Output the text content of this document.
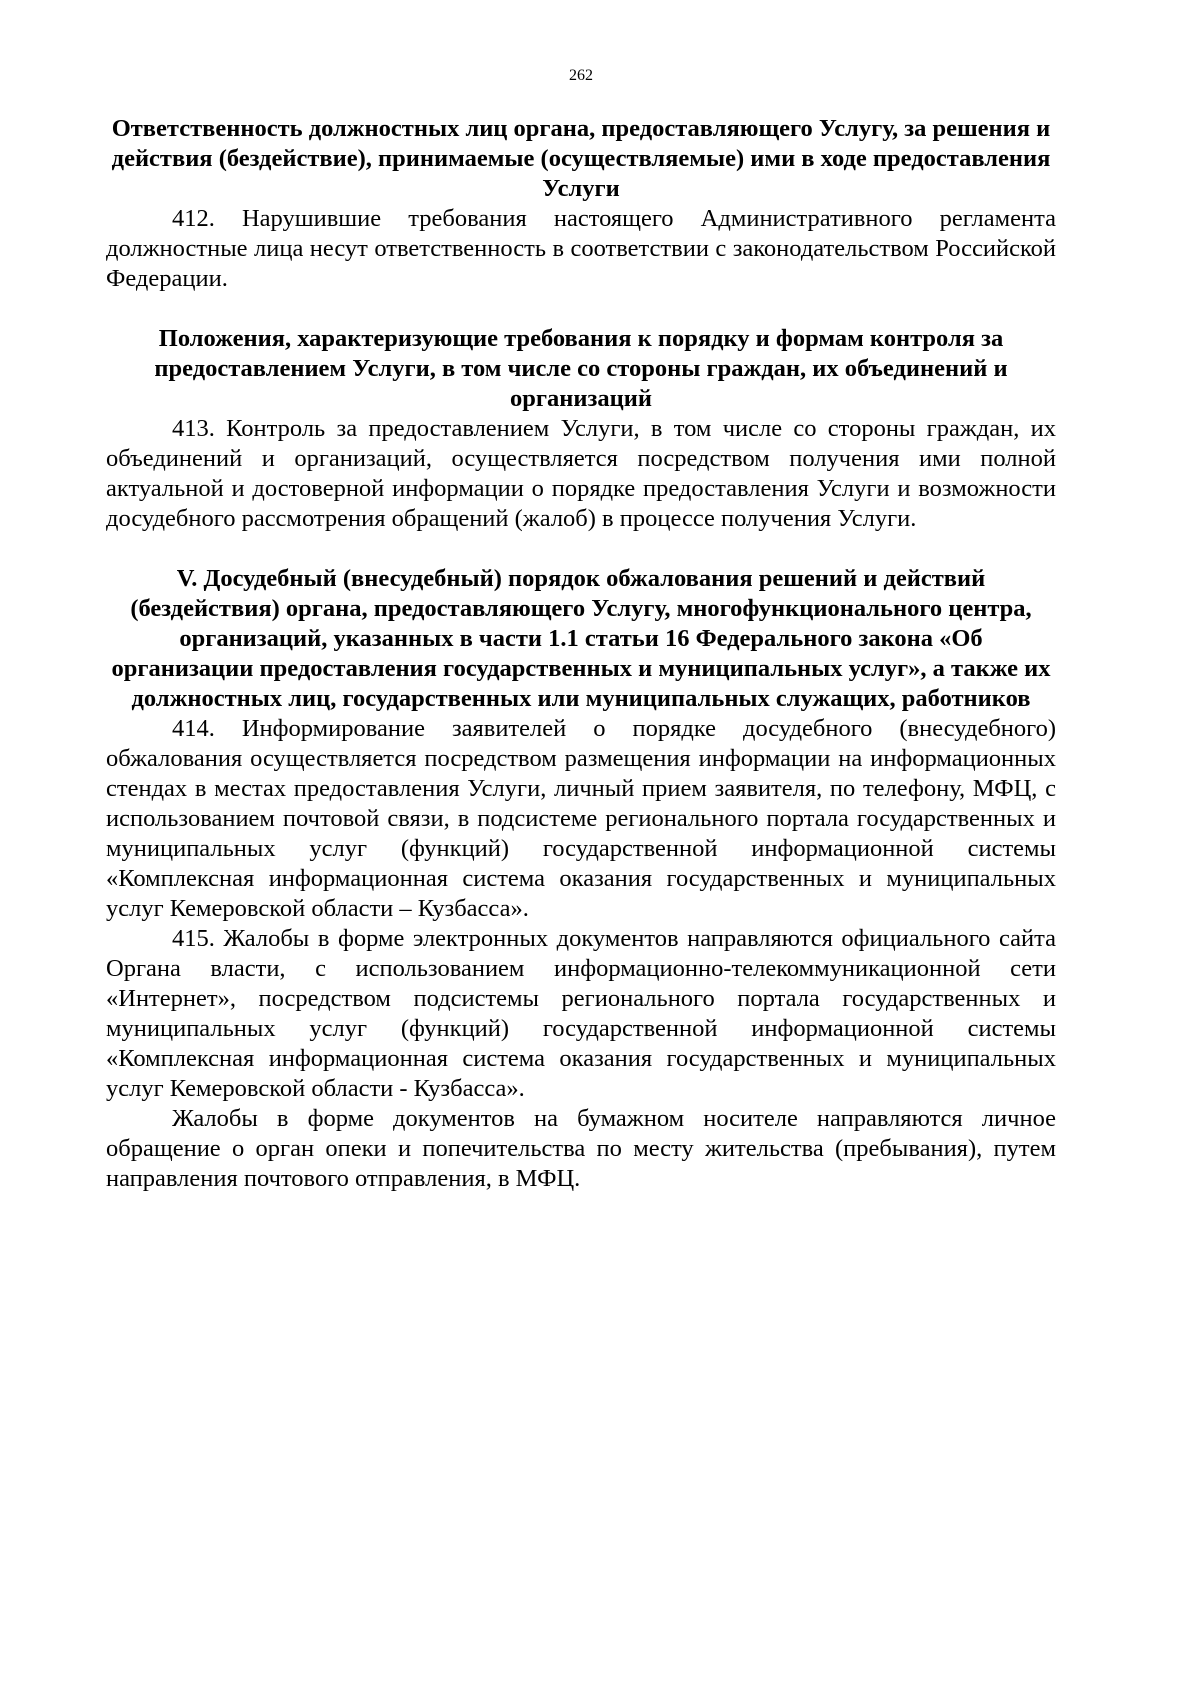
262

Ответственность должностных лиц органа, предоставляющего Услугу, за решения и действия (бездействие), принимаемые (осуществляемые) ими в ходе предоставления Услуги

412. Нарушившие требования настоящего Административного регламента должностные лица несут ответственность в соответствии с законодательством Российской Федерации.

Положения, характеризующие требования к порядку и формам контроля за предоставлением Услуги, в том числе со стороны граждан, их объединений и организаций

413. Контроль за предоставлением Услуги, в том числе со стороны граждан, их объединений и организаций, осуществляется посредством получения ими полной актуальной и достоверной информации о порядке предоставления Услуги и возможности досудебного рассмотрения обращений (жалоб) в процессе получения Услуги.

V. Досудебный (внесудебный) порядок обжалования решений и действий (бездействия) органа, предоставляющего Услугу, многофункционального центра, организаций, указанных в части 1.1 статьи 16 Федерального закона «Об организации предоставления государственных и муниципальных услуг», а также их должностных лиц, государственных или муниципальных служащих, работников

414. Информирование заявителей о порядке досудебного (внесудебного) обжалования осуществляется посредством размещения информации на информационных стендах в местах предоставления Услуги, личный прием заявителя, по телефону, МФЦ, с использованием почтовой связи, в подсистеме регионального портала государственных и муниципальных услуг (функций) государственной информационной системы «Комплексная информационная система оказания государственных и муниципальных услуг Кемеровской области – Кузбасса».

415. Жалобы в форме электронных документов направляются официального сайта Органа власти, с использованием информационно-телекоммуникационной сети «Интернет», посредством подсистемы регионального портала государственных и муниципальных услуг (функций) государственной информационной системы «Комплексная информационная система оказания государственных и муниципальных услуг Кемеровской области - Кузбасса».

Жалобы в форме документов на бумажном носителе направляются личное обращение о орган опеки и попечительства по месту жительства (пребывания), путем направления почтового отправления, в МФЦ.
